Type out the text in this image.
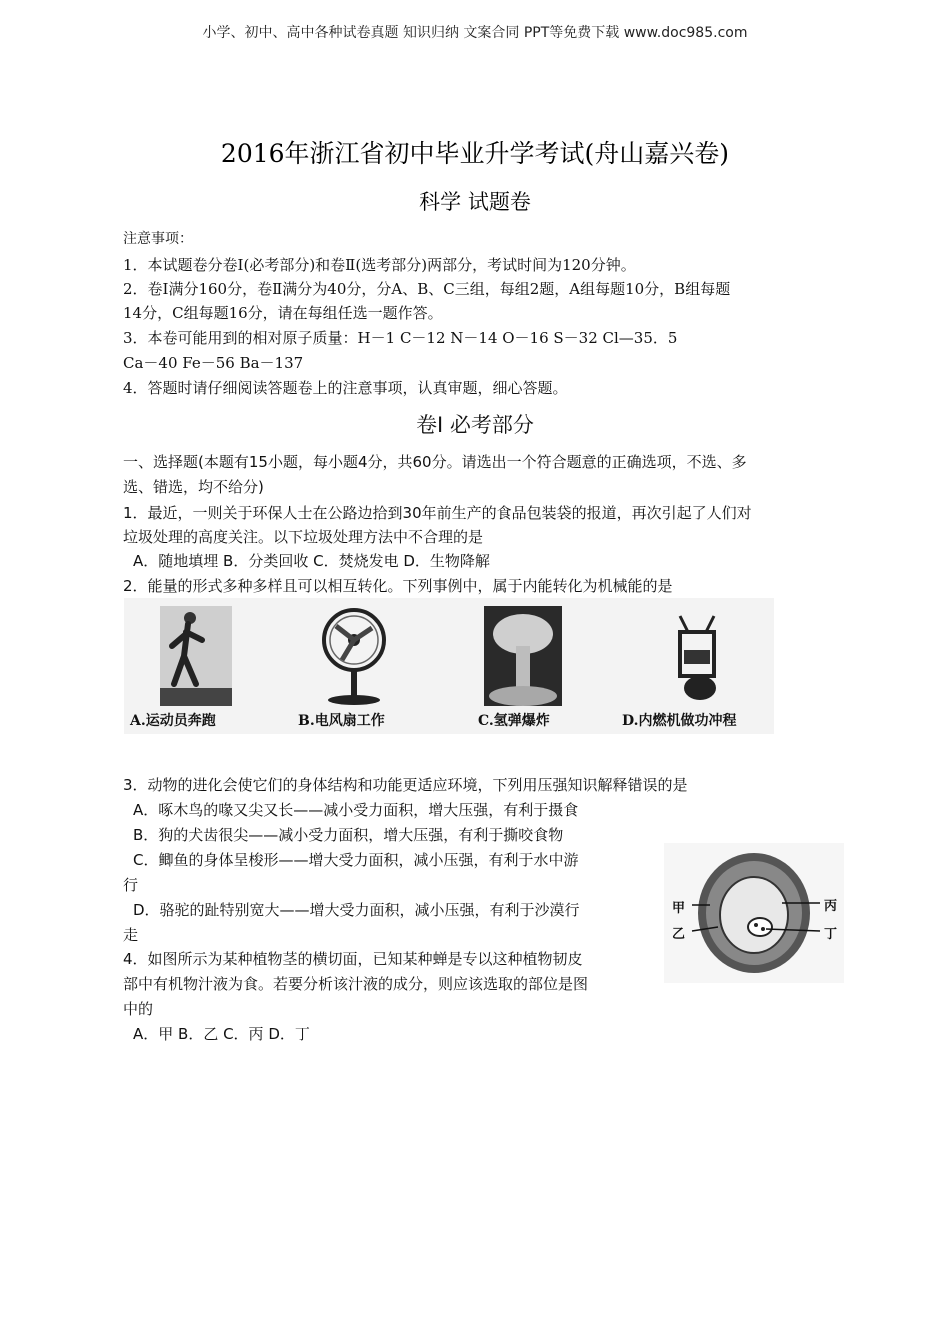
小学、初中、高中各种试卷真题 知识归纳 文案合同 PPT等免费下载 www.doc985.com
2016年浙江省初中毕业升学考试(舟山嘉兴卷)
科学 试题卷
注意事项：
1．本试题卷分卷Ⅰ(必考部分)和卷Ⅱ(选考部分)两部分，考试时间为120分钟。
2．卷Ⅰ满分160分，卷Ⅱ满分为40分，分A、B、C三组，每组2题，A组每题10分，B组每题
14分，C组每题16分，请在每组任选一题作答。
3．本卷可能用到的相对原子质量：H－1 C－12 N－14 O－16 S－32 Cl—35．5
Ca－40 Fe－56 Ba－137
4．答题时请仔细阅读答题卷上的注意事项，认真审题，细心答题。
卷Ⅰ 必考部分
一、选择题(本题有15小题，每小题4分，共60分。请选出一个符合题意的正确选项，不选、多
选、错选，均不给分)
1．最近，一则关于环保人士在公路边拾到30年前生产的食品包装袋的报道，再次引起了人们对
垃圾处理的高度关注。以下垃圾处理方法中不合理的是
A．随地填埋 B．分类回收 C．焚烧发电 D．生物降解
2．能量的形式多种多样且可以相互转化。下列事例中，属于内能转化为机械能的是
A.运动员奔跑	B.电风扇工作	C.氢弹爆炸	D.内燃机做功冲程
3．动物的进化会使它们的身体结构和功能更适应环境，下列用压强知识解释错误的是
A．啄木鸟的喙又尖又长——减小受力面积，增大压强，有利于摄食
B．狗的犬齿很尖——减小受力面积，增大压强，有利于撕咬食物
C．鲫鱼的身体呈梭形——增大受力面积，减小压强，有利于水中游
行
D．骆驼的趾特别宽大——增大受力面积，减小压强，有利于沙漠行
走
4．如图所示为某种植物茎的横切面，已知某种蝉是专以这种植物韧皮
部中有机物汁液为食。若要分析该汁液的成分，则应该选取的部位是图
中的
A．甲 B．乙 C．丙 D．丁
甲
乙
丙
丁
